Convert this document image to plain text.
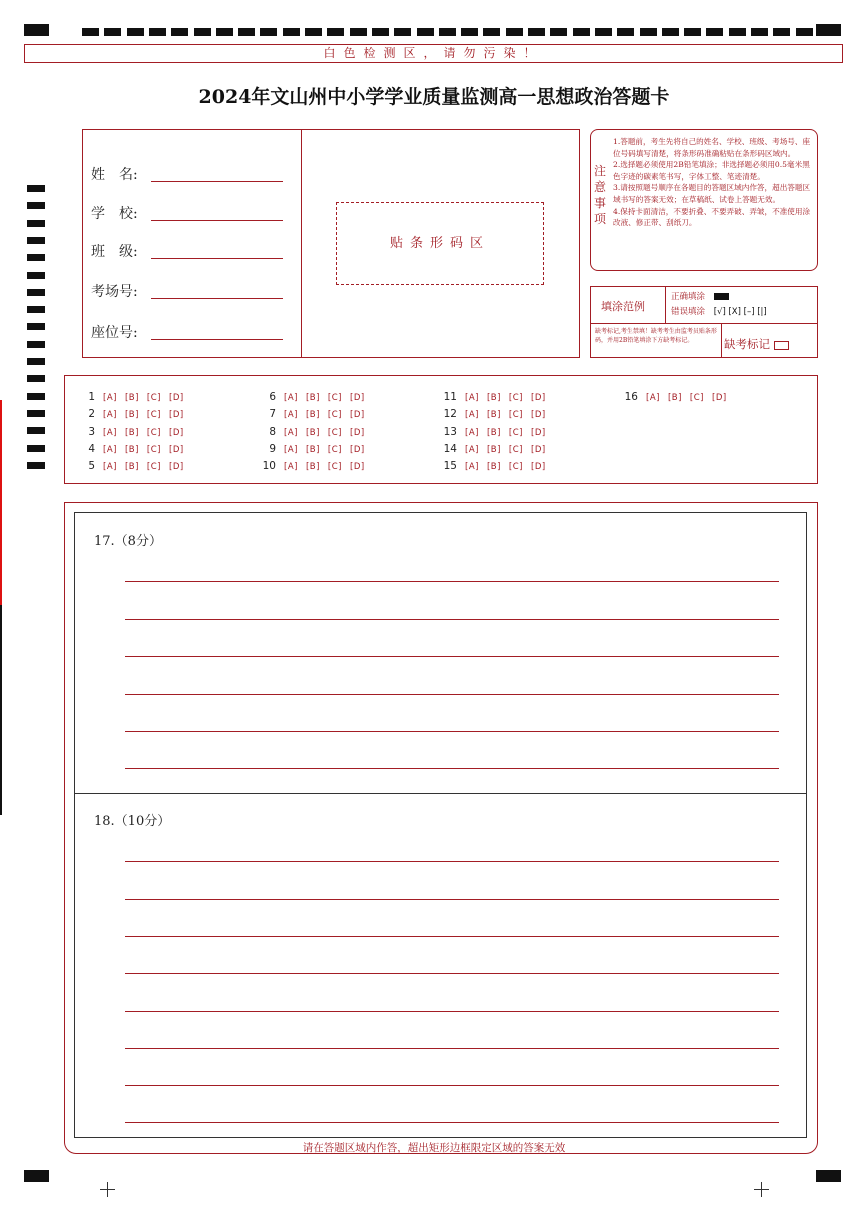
白色检测区，请勿污染！
2024年文山州中小学学业质量监测高一思想政治答题卡
姓　名:
学　校:
班　级:
考场号:
座位号:
贴条形码区
注意事项
1.答题前，考生先将自己的姓名、学校、班级、考场号、座位号码填写清楚，将条形码准确粘贴在条形码区域内。
2.选择题必须使用2B铅笔填涂；非选择题必须用0.5毫米黑色字迹的碳素笔书写，字体工整、笔迹清楚。
3.请按照题号顺序在各题目的答题区域内作答，超出答题区域书写的答案无效；在草稿纸、试卷上答题无效。
4.保持卡面清洁，不要折叠、不要弄破、弄皱，不准使用涂改液、修正带、刮纸刀。
填涂范例
正确填涂
错误填涂 [√] [X] [–] [|]
缺考标记,考生禁填！缺考考生由监考员贴条形码，并用2B铅笔填涂下方缺考标记。	缺考标记
1 [A] [B] [C] [D]
2 [A] [B] [C] [D]
3 [A] [B] [C] [D]
4 [A] [B] [C] [D]
5 [A] [B] [C] [D]
6 [A] [B] [C] [D]
7 [A] [B] [C] [D]
8 [A] [B] [C] [D]
9 [A] [B] [C] [D]
10 [A] [B] [C] [D]
11 [A] [B] [C] [D]
12 [A] [B] [C] [D]
13 [A] [B] [C] [D]
14 [A] [B] [C] [D]
15 [A] [B] [C] [D]
16 [A] [B] [C] [D]
17.（8分）
18.（10分）
请在答题区域内作答，超出矩形边框限定区域的答案无效
